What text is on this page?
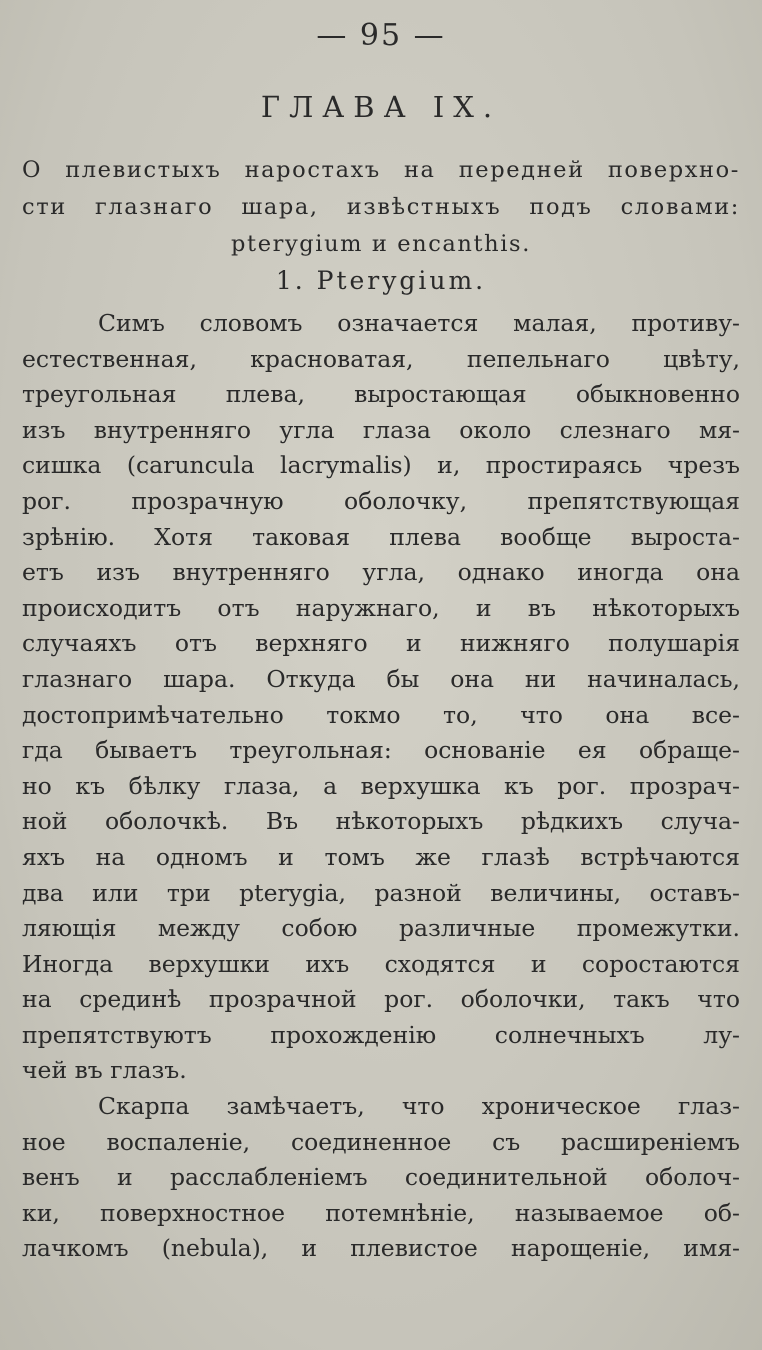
— 95 —
ГЛАВА IX.
О плевистыхъ наростахъ на передней поверхно-
сти глазнаго шара, извѣстныхъ подъ словами:
pterygium и encanthis.
1. Pterygium.
Симъ словомъ означается малая, противу-
естественная, красноватая, пепельнаго цвѣту,
треугольная плева, выростающая обыкновенно
изъ внутренняго угла глаза около слезнаго мя-
сишка (caruncula lacrymalis) и, простираясь чрезъ
рог. прозрачную оболочку, препятствующая
зрѣнію. Хотя таковая плева вообще выроста-
етъ изъ внутренняго угла, однако иногда она
происходитъ отъ наружнаго, и въ нѣкоторыхъ
случаяхъ отъ верхняго и нижняго полушарія
глазнаго шара. Откуда бы она ни начиналась,
достопримѣчательно токмо то, что она все-
гда бываетъ треугольная: основаніе ея обраще-
но къ бѣлку глаза, а верхушка къ рог. прозрач-
ной оболочкѣ. Въ нѣкоторыхъ рѣдкихъ случа-
яхъ на одномъ и томъ же глазѣ встрѣчаются
два или три pterygia, разной величины, оставъ-
ляющія между собою различные промежутки.
Иногда верхушки ихъ сходятся и соростаются
на срединѣ прозрачной рог. оболочки, такъ что
препятствуютъ прохожденію солнечныхъ лу-
чей въ глазъ.
Скарпа замѣчаетъ, что хроническое глаз-
ное воспаленіе, соединенное съ расширеніемъ
венъ и расслабленіемъ соединительной оболоч-
ки, поверхностное потемнѣніе, называемое об-
лачкомъ (nebula), и плевистое нарощеніе, имя-
